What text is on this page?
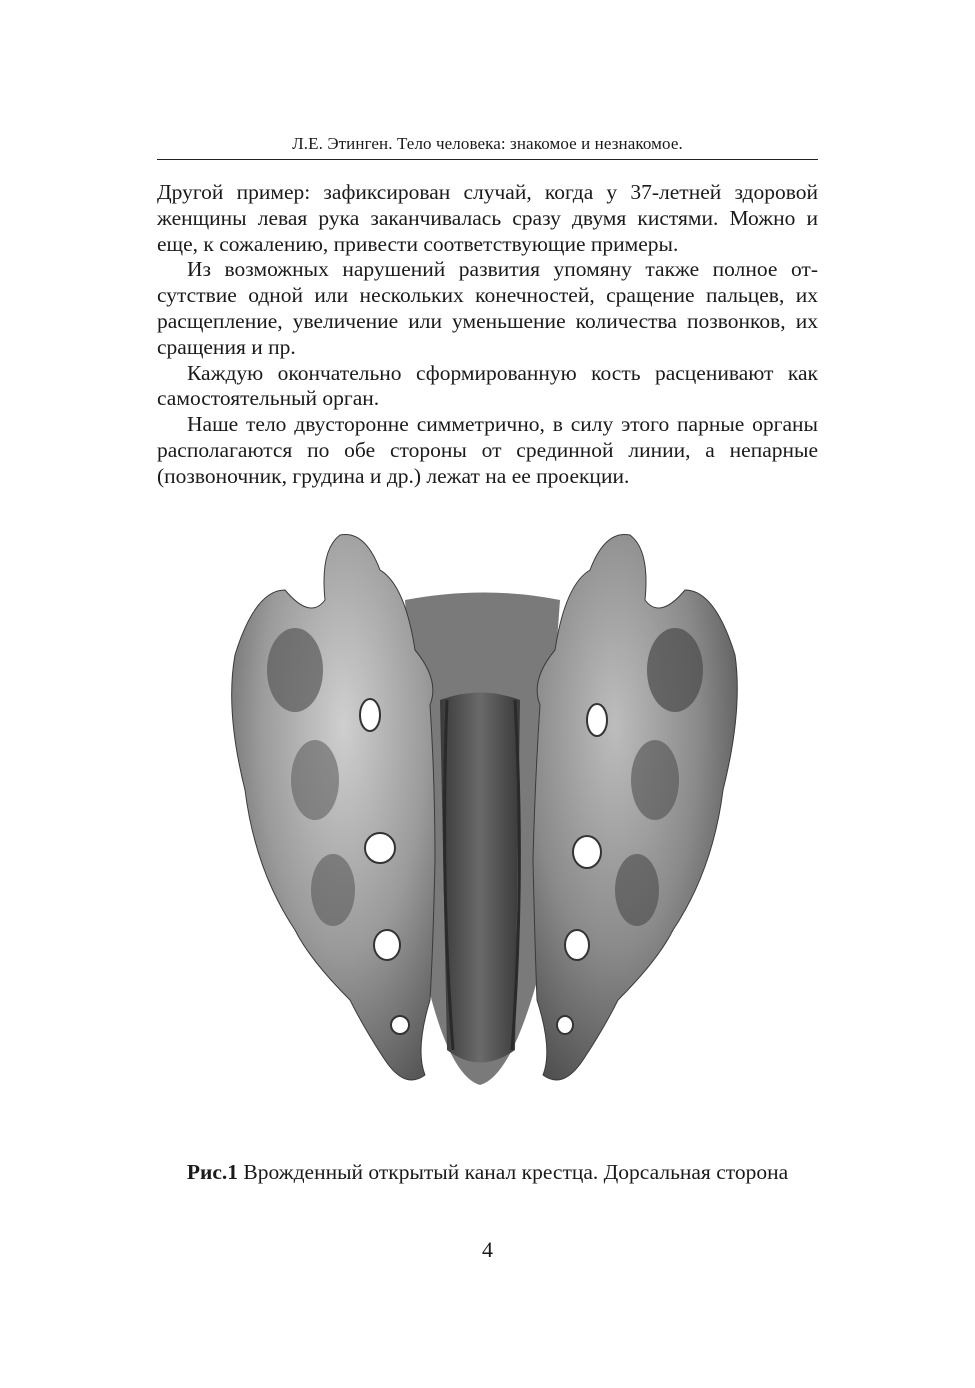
Л.Е. Этинген. Тело человека: знакомое и незнакомое.

Другой пример: зафиксирован случай, когда у 37-летней здоровой женщины левая рука заканчивалась сразу двумя кистями. Можно и еще, к сожалению, привести соответствующие примеры.

Из возможных нарушений развития упомяну также полное отсутствие одной или нескольких конечностей, сращение пальцев, их расщепление, увеличение или уменьшение количества позвонков, их сращения и пр.

Каждую окончательно сформированную кость расценивают как самостоятельный орган.

Наше тело двусторонне симметрично, в силу этого парные органы располагаются по обе стороны от срединной линии, а непарные (позвоночник, грудина и др.) лежат на ее проекции.

Рис.1 Врожденный открытый канал крестца. Дорсальная сторона
4
